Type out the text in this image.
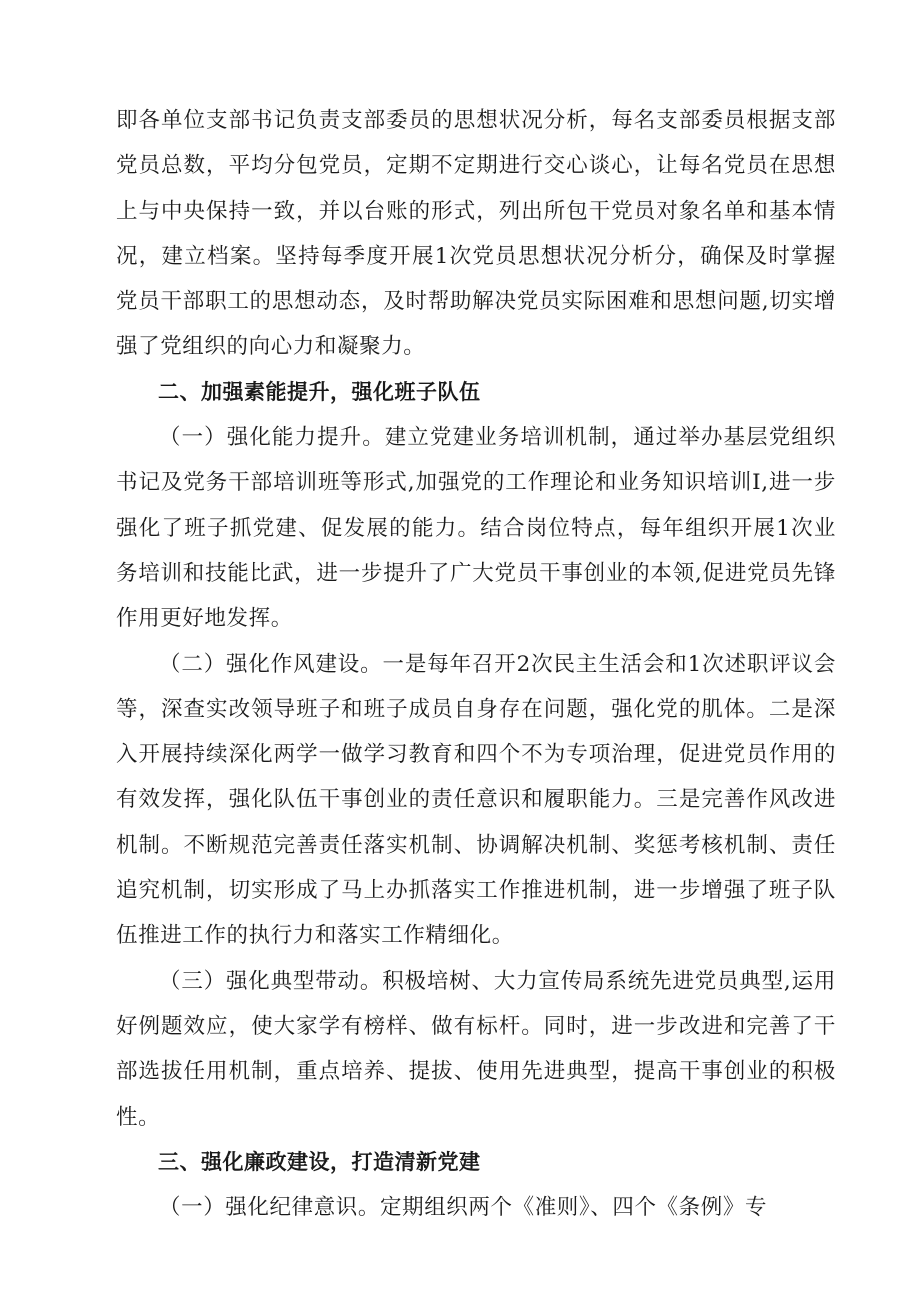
即各单位支部书记负责支部委员的思想状况分析，每名支部委员根据支部党员总数，平均分包党员，定期不定期进行交心谈心，让每名党员在思想上与中央保持一致，并以台账的形式，列出所包干党员对象名单和基本情况，建立档案。坚持每季度开展1次党员思想状况分析分，确保及时掌握党员干部职工的思想动态，及时帮助解决党员实际困难和思想问题,切实增强了党组织的向心力和凝聚力。

二、加强素能提升，强化班子队伍

（一）强化能力提升。建立党建业务培训机制，通过举办基层党组织书记及党务干部培训班等形式,加强党的工作理论和业务知识培训I,进一步强化了班子抓党建、促发展的能力。结合岗位特点，每年组织开展1次业务培训和技能比武，进一步提升了广大党员干事创业的本领,促进党员先锋作用更好地发挥。

（二）强化作风建设。一是每年召开2次民主生活会和1次述职评议会等，深查实改领导班子和班子成员自身存在问题，强化党的肌体。二是深入开展持续深化两学一做学习教育和四个不为专项治理，促进党员作用的有效发挥，强化队伍干事创业的责任意识和履职能力。三是完善作风改进机制。不断规范完善责任落实机制、协调解决机制、奖惩考核机制、责任追究机制，切实形成了马上办抓落实工作推进机制，进一步增强了班子队伍推进工作的执行力和落实工作精细化。

（三）强化典型带动。积极培树、大力宣传局系统先进党员典型,运用好例题效应，使大家学有榜样、做有标杆。同时，进一步改进和完善了干部选拔任用机制，重点培养、提拔、使用先进典型，提高干事创业的积极性。

三、强化廉政建设，打造清新党建

（一）强化纪律意识。定期组织两个《准则》、四个《条例》专
